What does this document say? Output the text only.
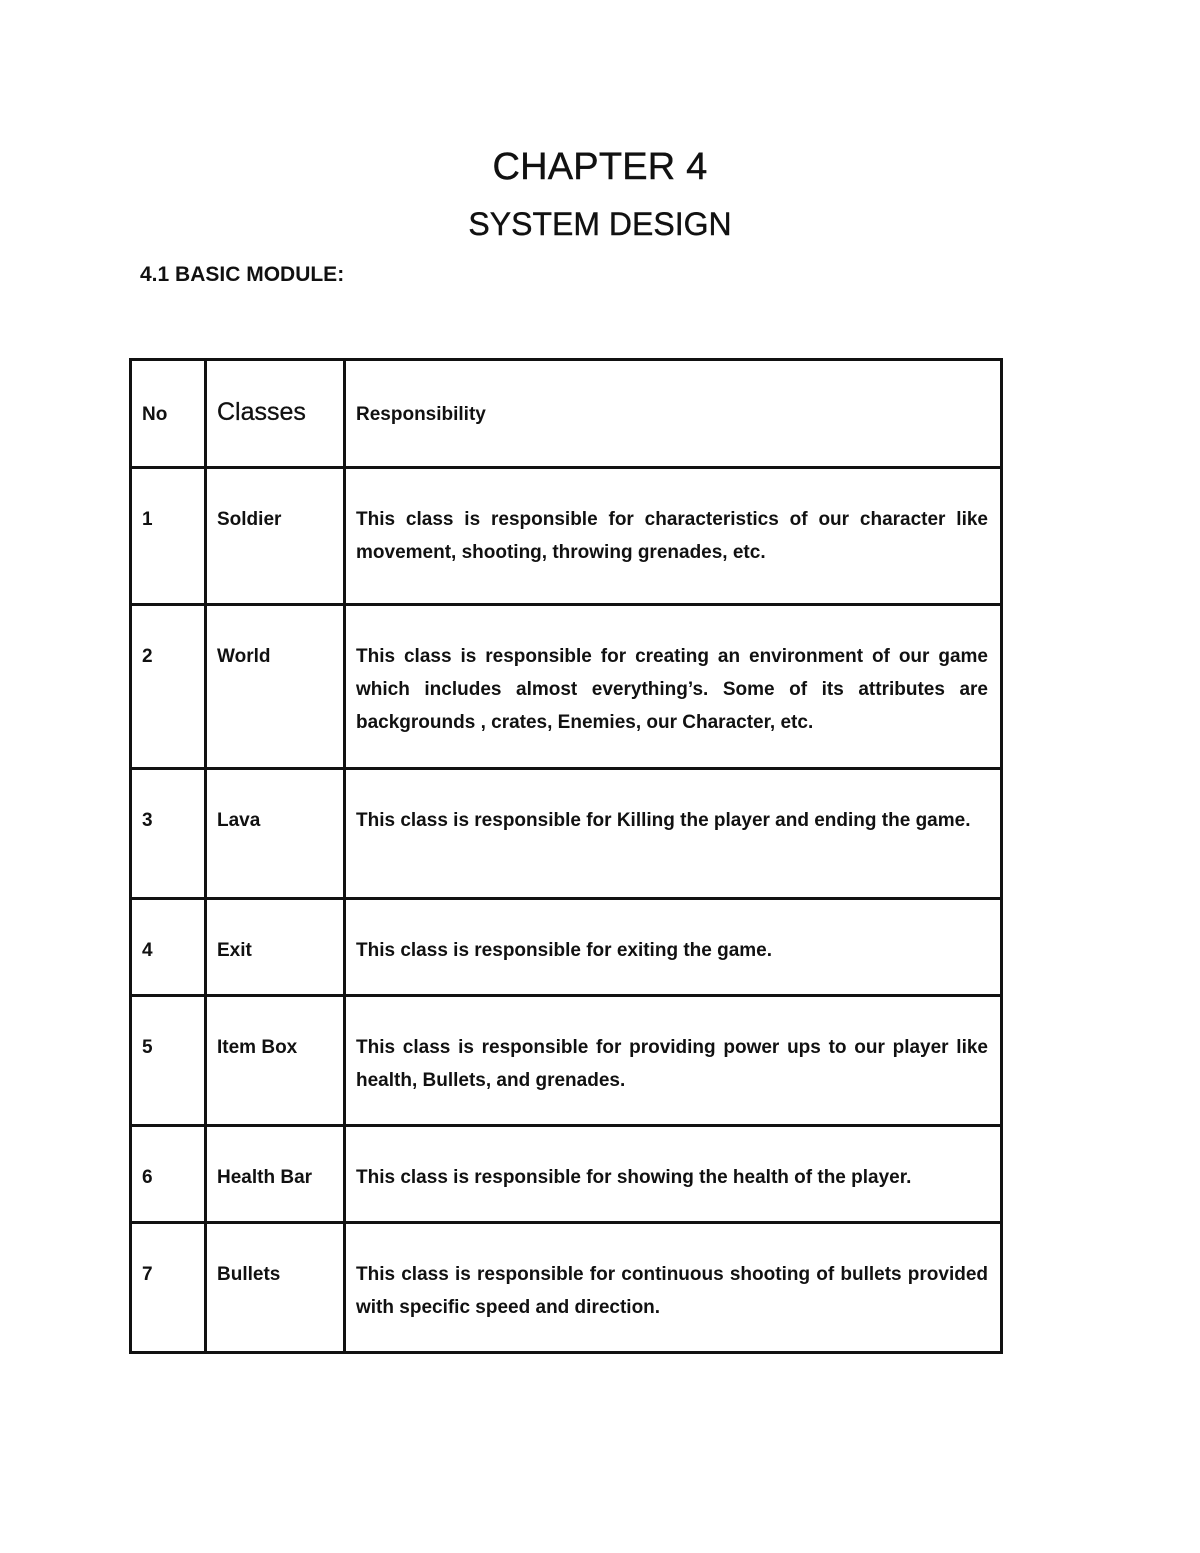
CHAPTER 4
SYSTEM DESIGN
4.1 BASIC MODULE:
No	Classes	Responsibility

1	Soldier	This class is responsible for characteristics of our character like movement, shooting, throwing grenades, etc.

2	World	This class is responsible for creating an environment of our game which includes almost everything’s. Some of its attributes are backgrounds , crates, Enemies, our Character, etc.

3	Lava	This class is responsible for Killing the player and ending the game.

4	Exit	This class is responsible for exiting the game.

5	Item Box	This class is responsible for providing power ups to our player like health, Bullets, and grenades.

6	Health Bar	This class is responsible for showing the health of the player.

7	Bullets	This class is responsible for continuous shooting of bullets provided with specific speed and direction.
